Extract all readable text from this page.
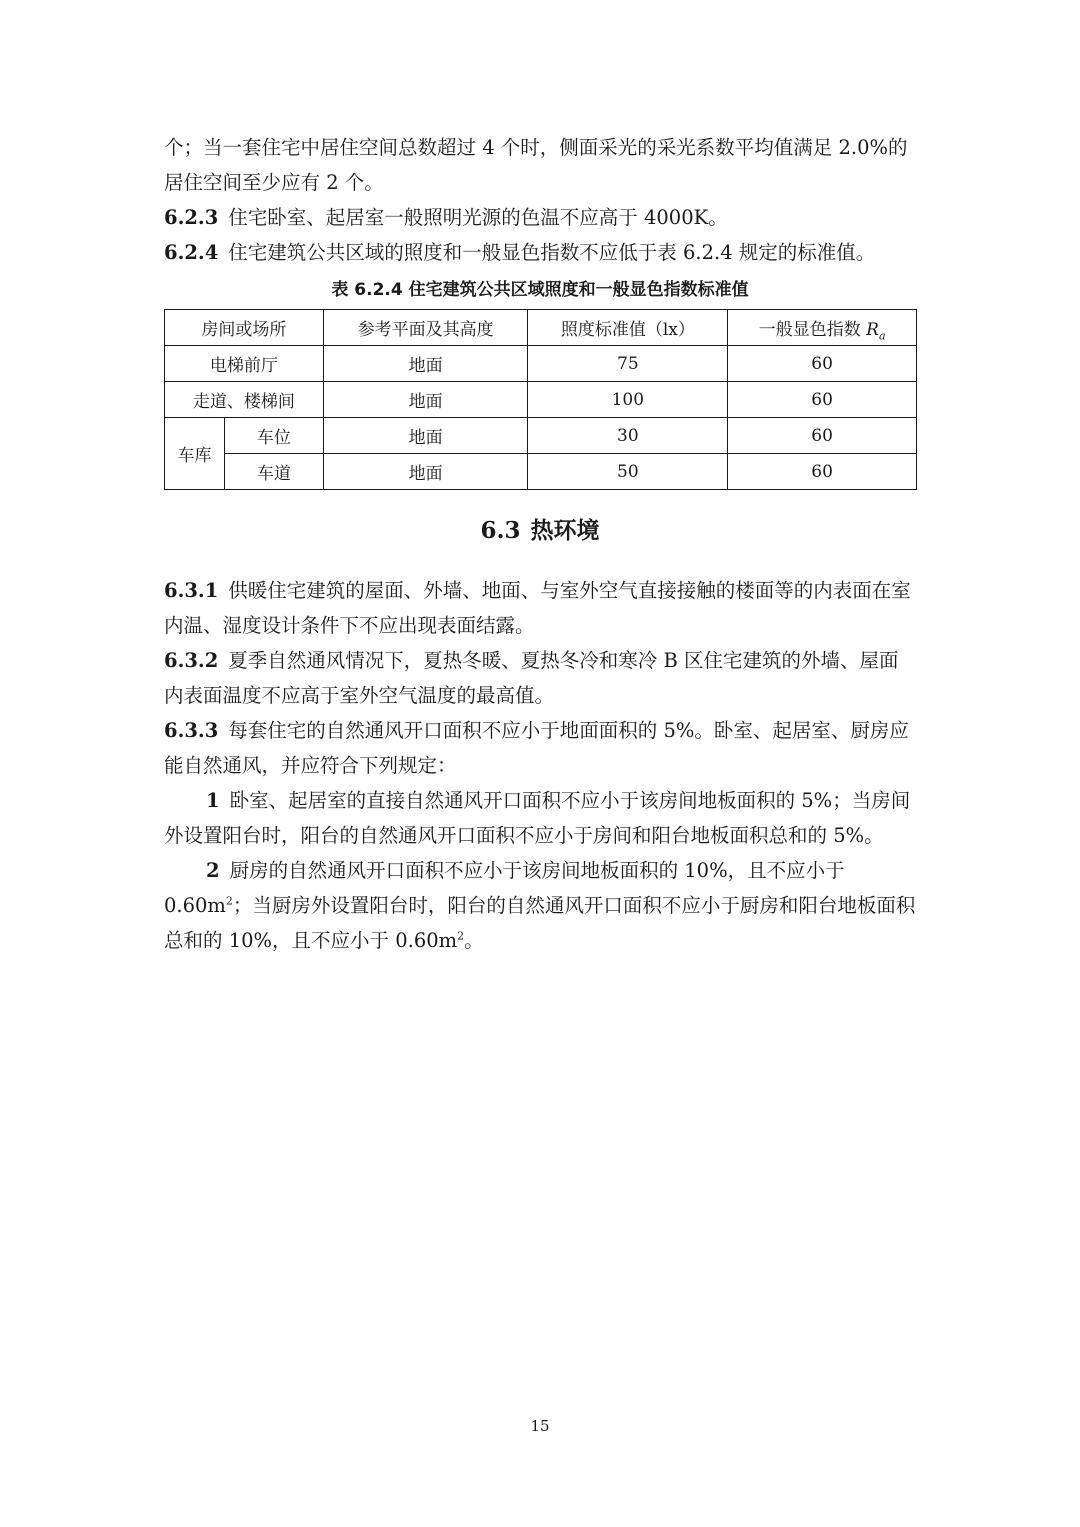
个；当一套住宅中居住空间总数超过 4 个时，侧面采光的采光系数平均值满足 2.0%的居住空间至少应有 2 个。

6.2.3 住宅卧室、起居室一般照明光源的色温不应高于 4000K。

6.2.4 住宅建筑公共区域的照度和一般显色指数不应低于表 6.2.4 规定的标准值。

表 6.2.4 住宅建筑公共区域照度和一般显色指数标准值
房间或场所		参考平面及其高度	照度标准值（lx）	一般显色指数 $R_a$
电梯前厅		地面	75	60
走道、楼梯间		地面	100	60
车库	车位	地面	30	60
	车道	地面	50	60
6.3 热环境

6.3.1 供暖住宅建筑的屋面、外墙、地面、与室外空气直接接触的楼面等的内表面在室内温、湿度设计条件下不应出现表面结露。

6.3.2 夏季自然通风情况下，夏热冬暖、夏热冬冷和寒冷 B 区住宅建筑的外墙、屋面内表面温度不应高于室外空气温度的最高值。

6.3.3 每套住宅的自然通风开口面积不应小于地面面积的 5%。卧室、起居室、厨房应能自然通风，并应符合下列规定：

1 卧室、起居室的直接自然通风开口面积不应小于该房间地板面积的 5%；当房间外设置阳台时，阳台的自然通风开口面积不应小于房间和阳台地板面积总和的 5%。

2 厨房的自然通风开口面积不应小于该房间地板面积的 10%，且不应小于 $0.60m^2$；当厨房外设置阳台时，阳台的自然通风开口面积不应小于厨房和阳台地板面积总和的 10%，且不应小于 $0.60m^2$。

15
